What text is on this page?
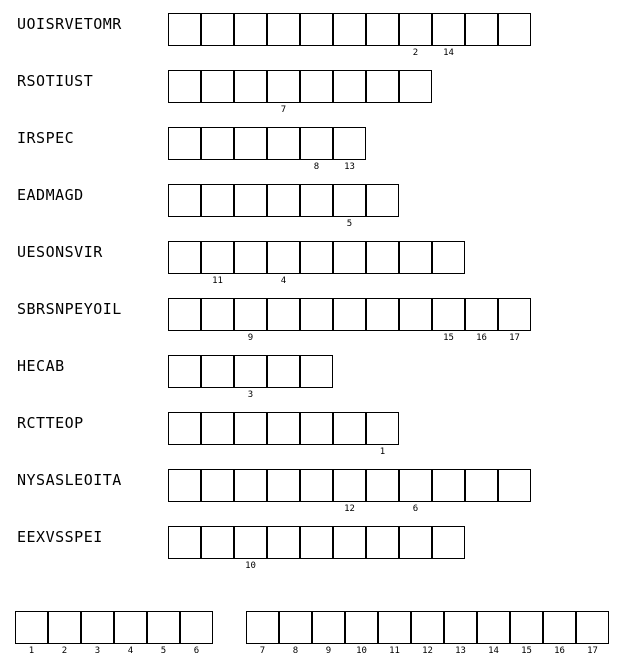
UOISRVETOMR
2	14
RSOTIUST
7
IRSPEC
8	13
EADMAGD
5
UESONSVIR
11	4
SBRSNPEYOIL
9	15	16	17
HECAB
3
RCTTEOP
1
NYSASLEOITA
12	6
EEXVSSPEI
10
1	2	3	4	5	6	7	8	9	10	11	12	13	14	15	16	17
